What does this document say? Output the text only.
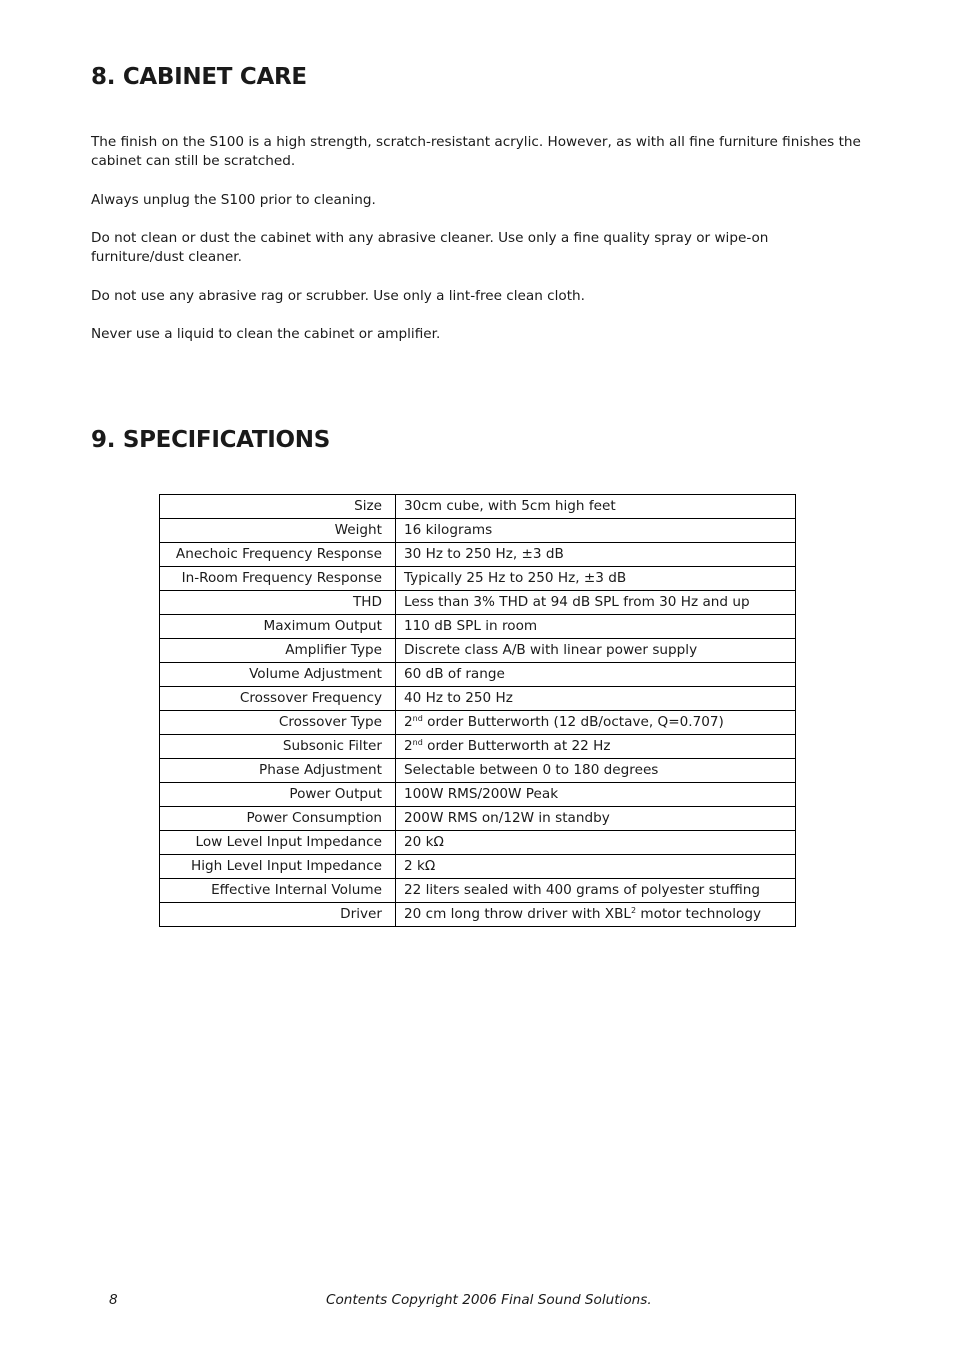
8. CABINET CARE

The finish on the S100 is a high strength, scratch-resistant acrylic. However, as with all fine furniture finishes the cabinet can still be scratched.

Always unplug the S100 prior to cleaning.

Do not clean or dust the cabinet with any abrasive cleaner. Use only a fine quality spray or wipe-on furniture/dust cleaner.

Do not use any abrasive rag or scrubber. Use only a lint-free clean cloth.

Never use a liquid to clean the cabinet or amplifier.

9. SPECIFICATIONS
Size	30cm cube, with 5cm high feet
Weight	16 kilograms
Anechoic Frequency Response	30 Hz to 250 Hz, ±3 dB
In-Room Frequency Response	Typically 25 Hz to 250 Hz, ±3 dB
THD	Less than 3% THD at 94 dB SPL from 30 Hz and up
Maximum Output	110 dB SPL in room
Amplifier Type	Discrete class A/B with linear power supply
Volume Adjustment	60 dB of range
Crossover Frequency	40 Hz to 250 Hz
Crossover Type	2nd order Butterworth (12 dB/octave, Q=0.707)
Subsonic Filter	2nd order Butterworth at 22 Hz
Phase Adjustment	Selectable between 0 to 180 degrees
Power Output	100W RMS/200W Peak
Power Consumption	200W RMS on/12W in standby
Low Level Input Impedance	20 kΩ
High Level Input Impedance	2 kΩ
Effective Internal Volume	22 liters sealed with 400 grams of polyester stuffing
Driver	20 cm long throw driver with XBL$^2$ motor technology
8	Contents Copyright 2006 Final Sound Solutions.
